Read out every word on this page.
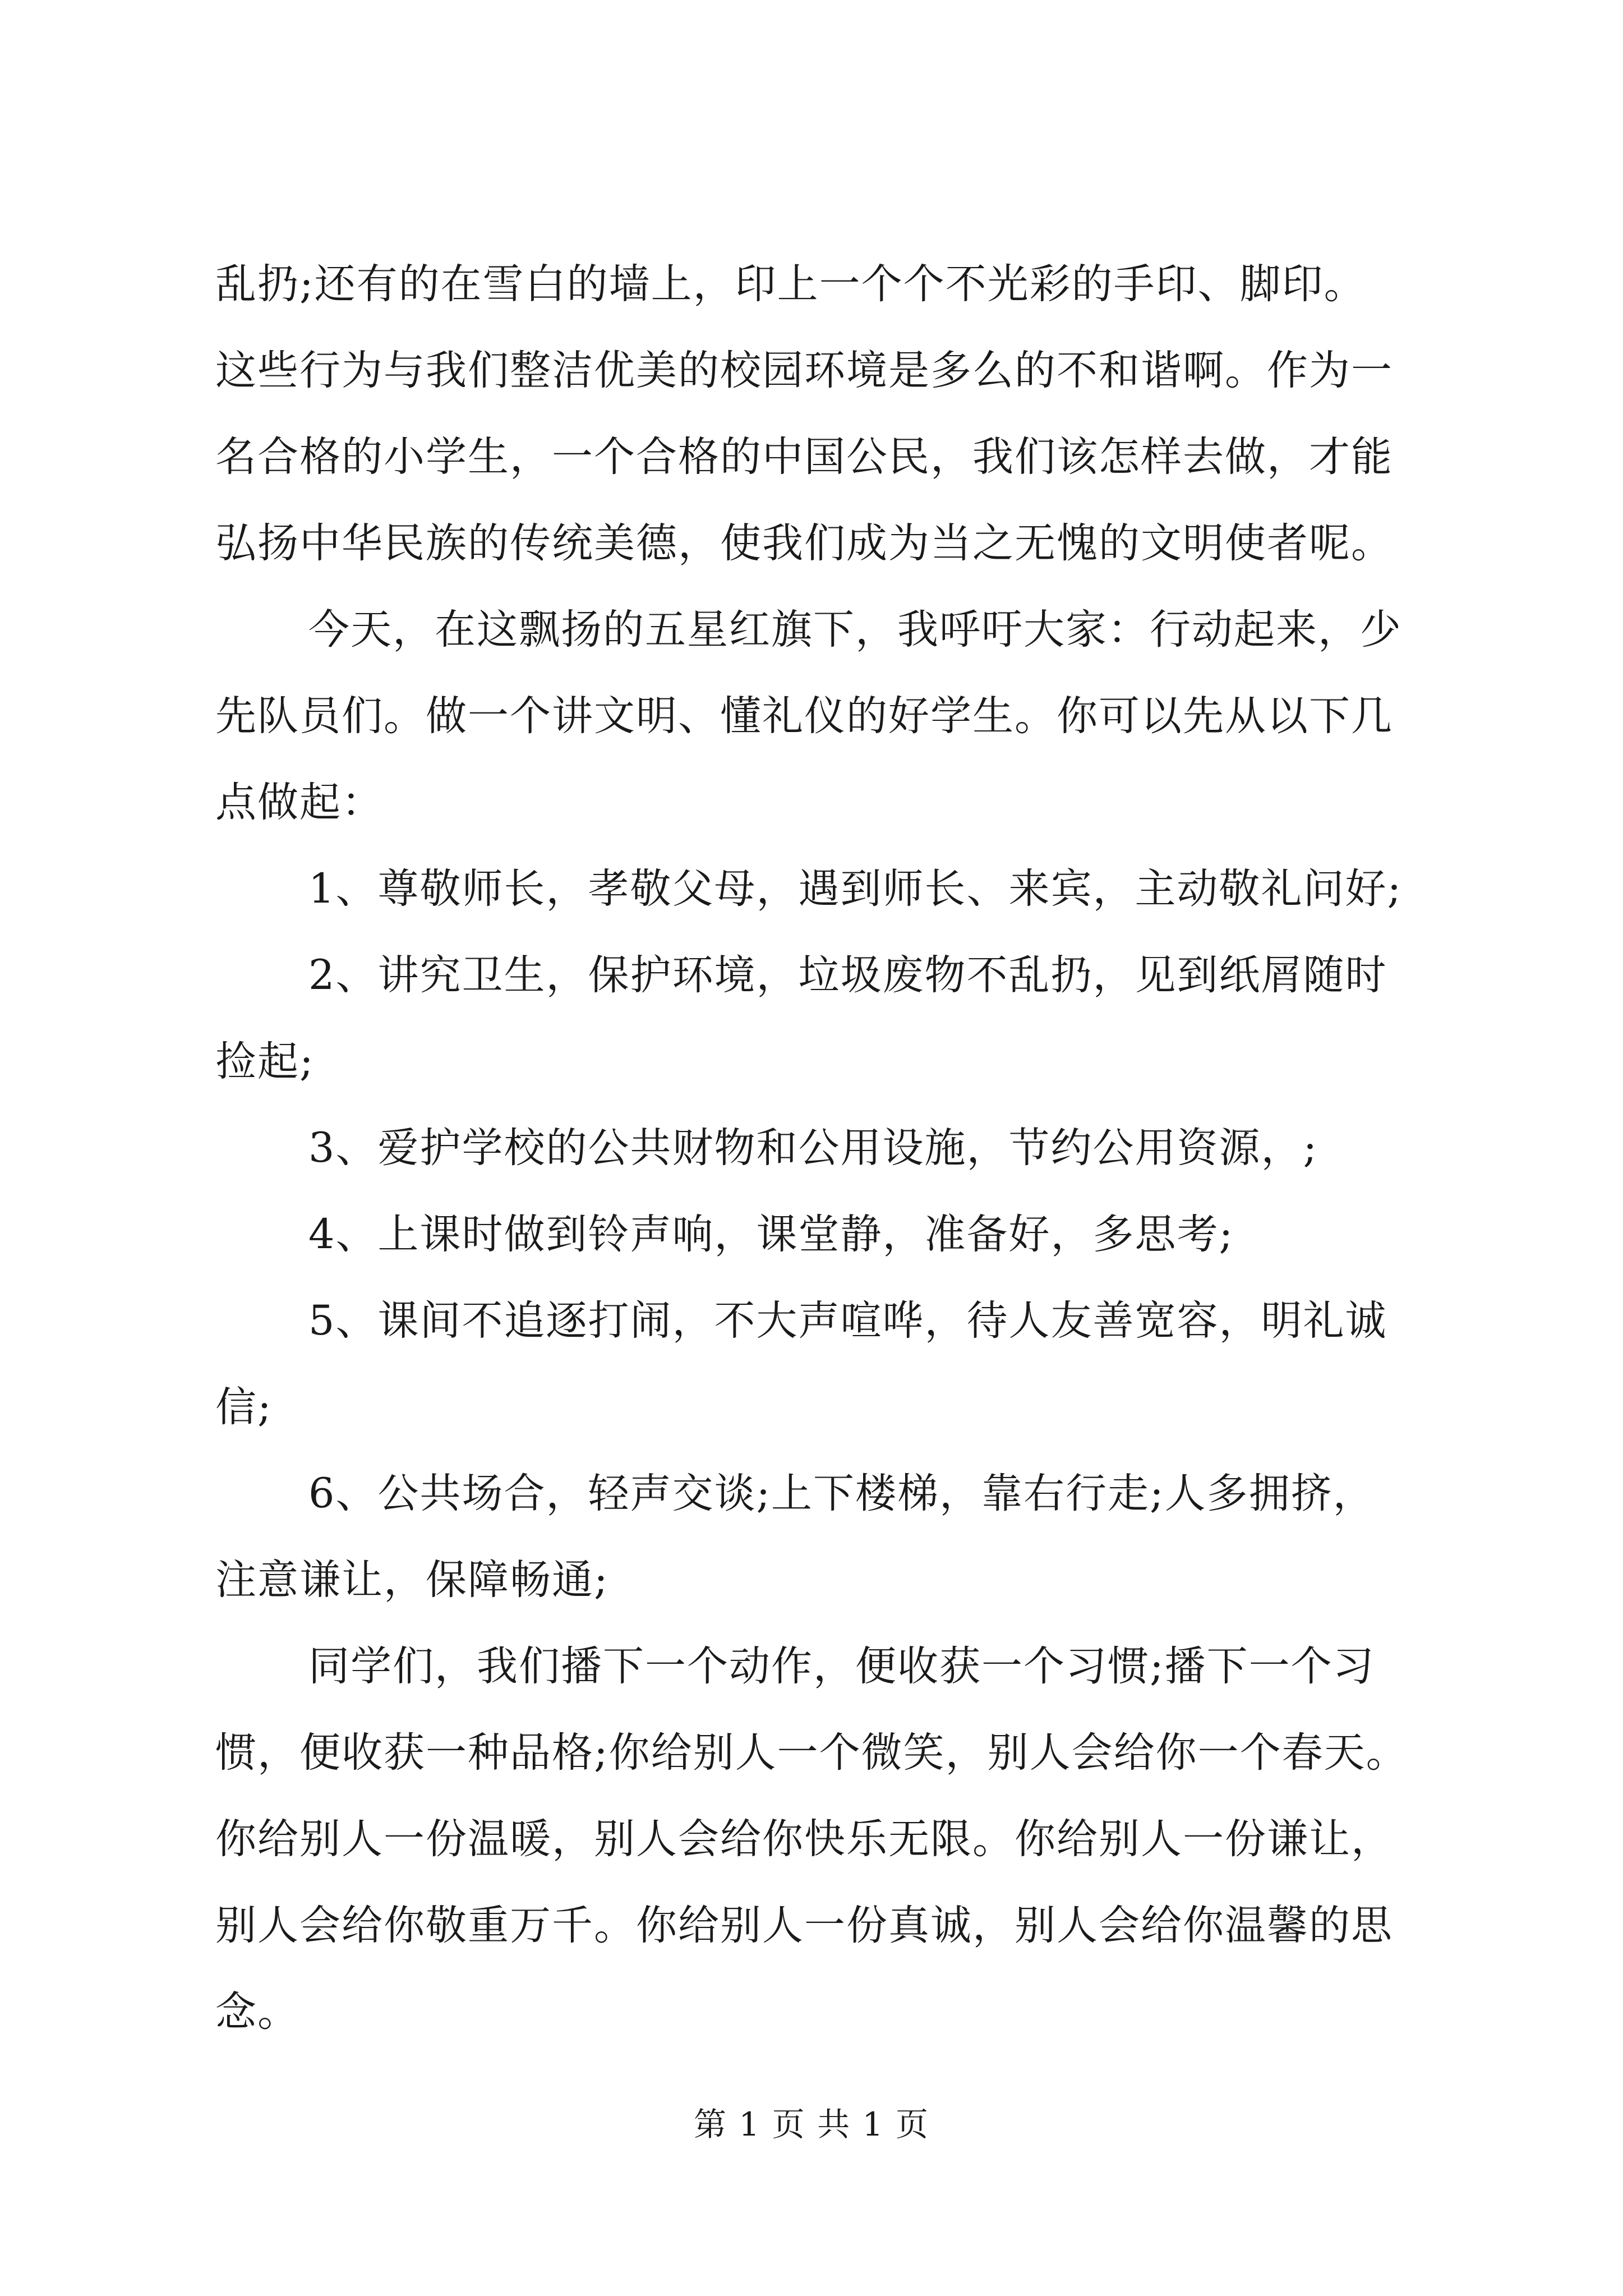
乱扔;还有的在雪白的墙上，印上一个个不光彩的手印、脚印。
这些行为与我们整洁优美的校园环境是多么的不和谐啊。作为一
名合格的小学生，一个合格的中国公民，我们该怎样去做，才能
弘扬中华民族的传统美德，使我们成为当之无愧的文明使者呢。
今天，在这飘扬的五星红旗下，我呼吁大家：行动起来，少
先队员们。做一个讲文明、懂礼仪的好学生。你可以先从以下几
点做起：
1、尊敬师长，孝敬父母，遇到师长、来宾，主动敬礼问好;
2、讲究卫生，保护环境，垃圾废物不乱扔，见到纸屑随时
捡起;
3、爱护学校的公共财物和公用设施，节约公用资源，;
4、上课时做到铃声响，课堂静，准备好，多思考;
5、课间不追逐打闹，不大声喧哗，待人友善宽容，明礼诚
信;
6、公共场合，轻声交谈;上下楼梯，靠右行走;人多拥挤，
注意谦让，保障畅通;
同学们，我们播下一个动作，便收获一个习惯;播下一个习
惯，便收获一种品格;你给别人一个微笑，别人会给你一个春天。
你给别人一份温暖，别人会给你快乐无限。你给别人一份谦让，
别人会给你敬重万千。你给别人一份真诚，别人会给你温馨的思
念。
第 1 页 共 1 页
